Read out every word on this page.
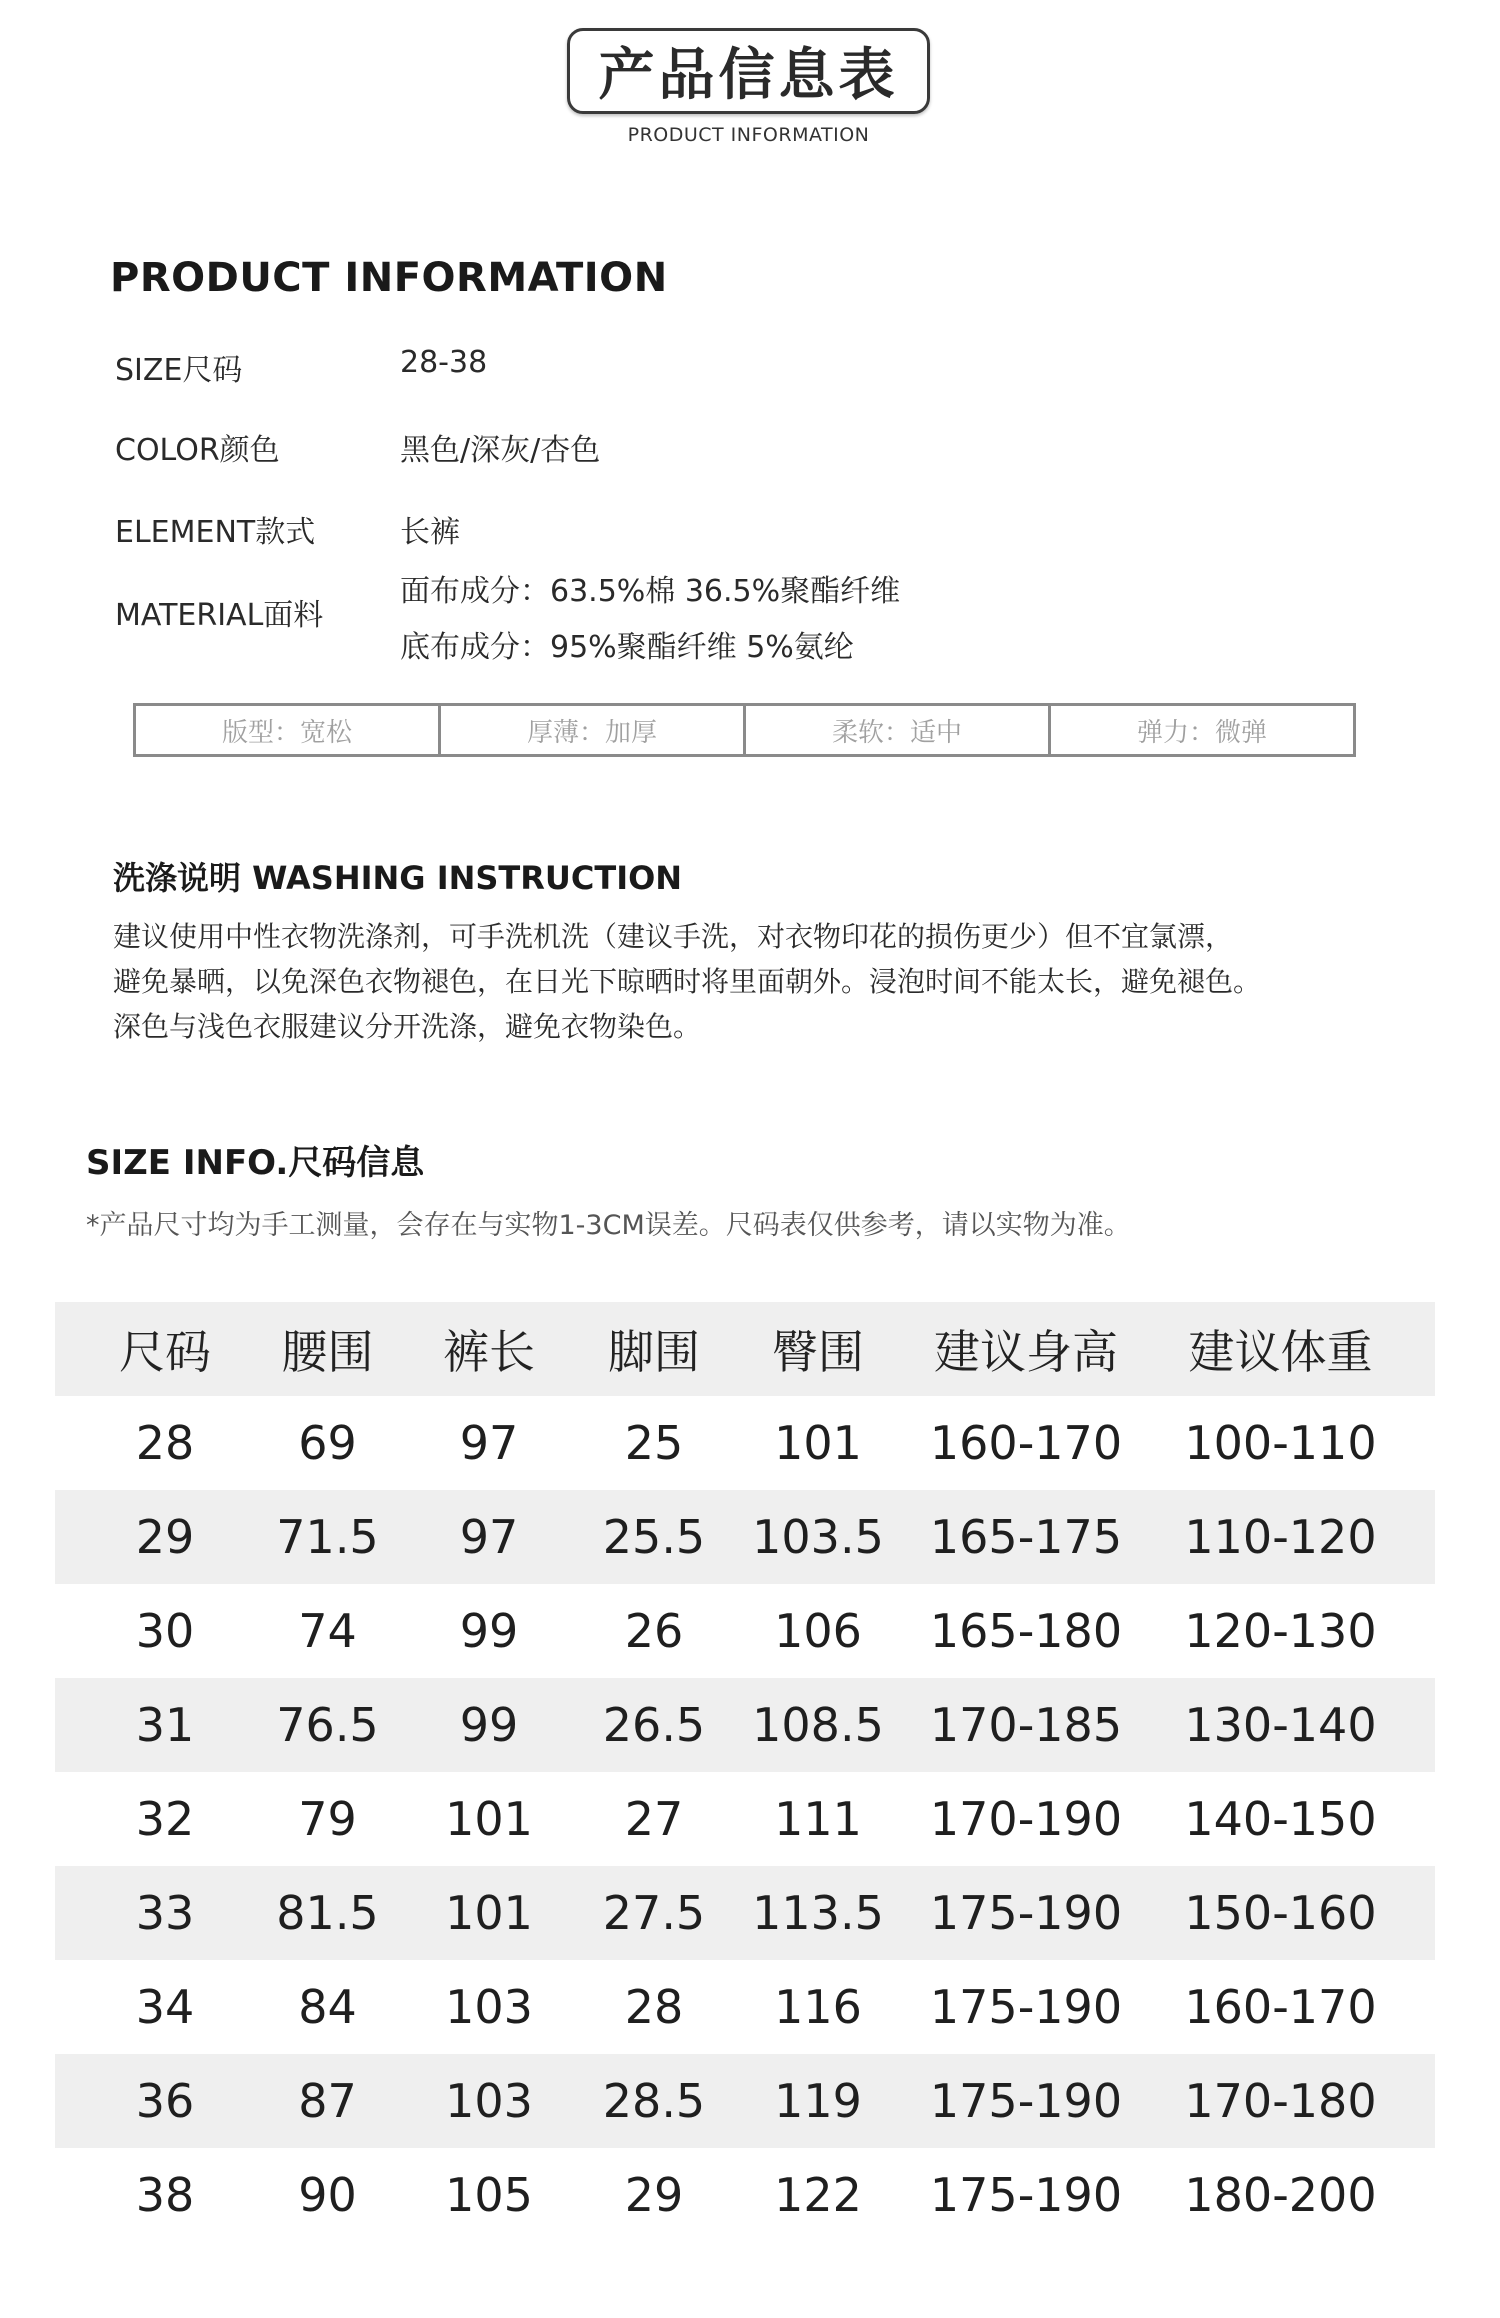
产品信息表
PRODUCT INFORMATION
PRODUCT INFORMATION
SIZE尺码	28-38
COLOR颜色	黑色/深灰/杏色
ELEMENT款式	长裤
MATERIAL面料
面布成分：63.5%棉 36.5%聚酯纤维
底布成分：95%聚酯纤维 5%氨纶
版型：宽松	厚薄：加厚	柔软：适中	弹力：微弹
洗涤说明 WASHING INSTRUCTION
建议使用中性衣物洗涤剂，可手洗机洗（建议手洗，对衣物印花的损伤更少）但不宜氯漂，
避免暴晒，以免深色衣物褪色，在日光下晾晒时将里面朝外。浸泡时间不能太长，避免褪色。
深色与浅色衣服建议分开洗涤，避免衣物染色。
SIZE INFO.尺码信息
*产品尺寸均为手工测量，会存在与实物1-3CM误差。尺码表仅供参考，请以实物为准。
尺码	腰围	裤长	脚围	臀围	建议身高	建议体重
28	69	97	25	101	160-170	100-110
29	71.5	97	25.5	103.5	165-175	110-120
30	74	99	26	106	165-180	120-130
31	76.5	99	26.5	108.5	170-185	130-140
32	79	101	27	111	170-190	140-150
33	81.5	101	27.5	113.5	175-190	150-160
34	84	103	28	116	175-190	160-170
36	87	103	28.5	119	175-190	170-180
38	90	105	29	122	175-190	180-200
